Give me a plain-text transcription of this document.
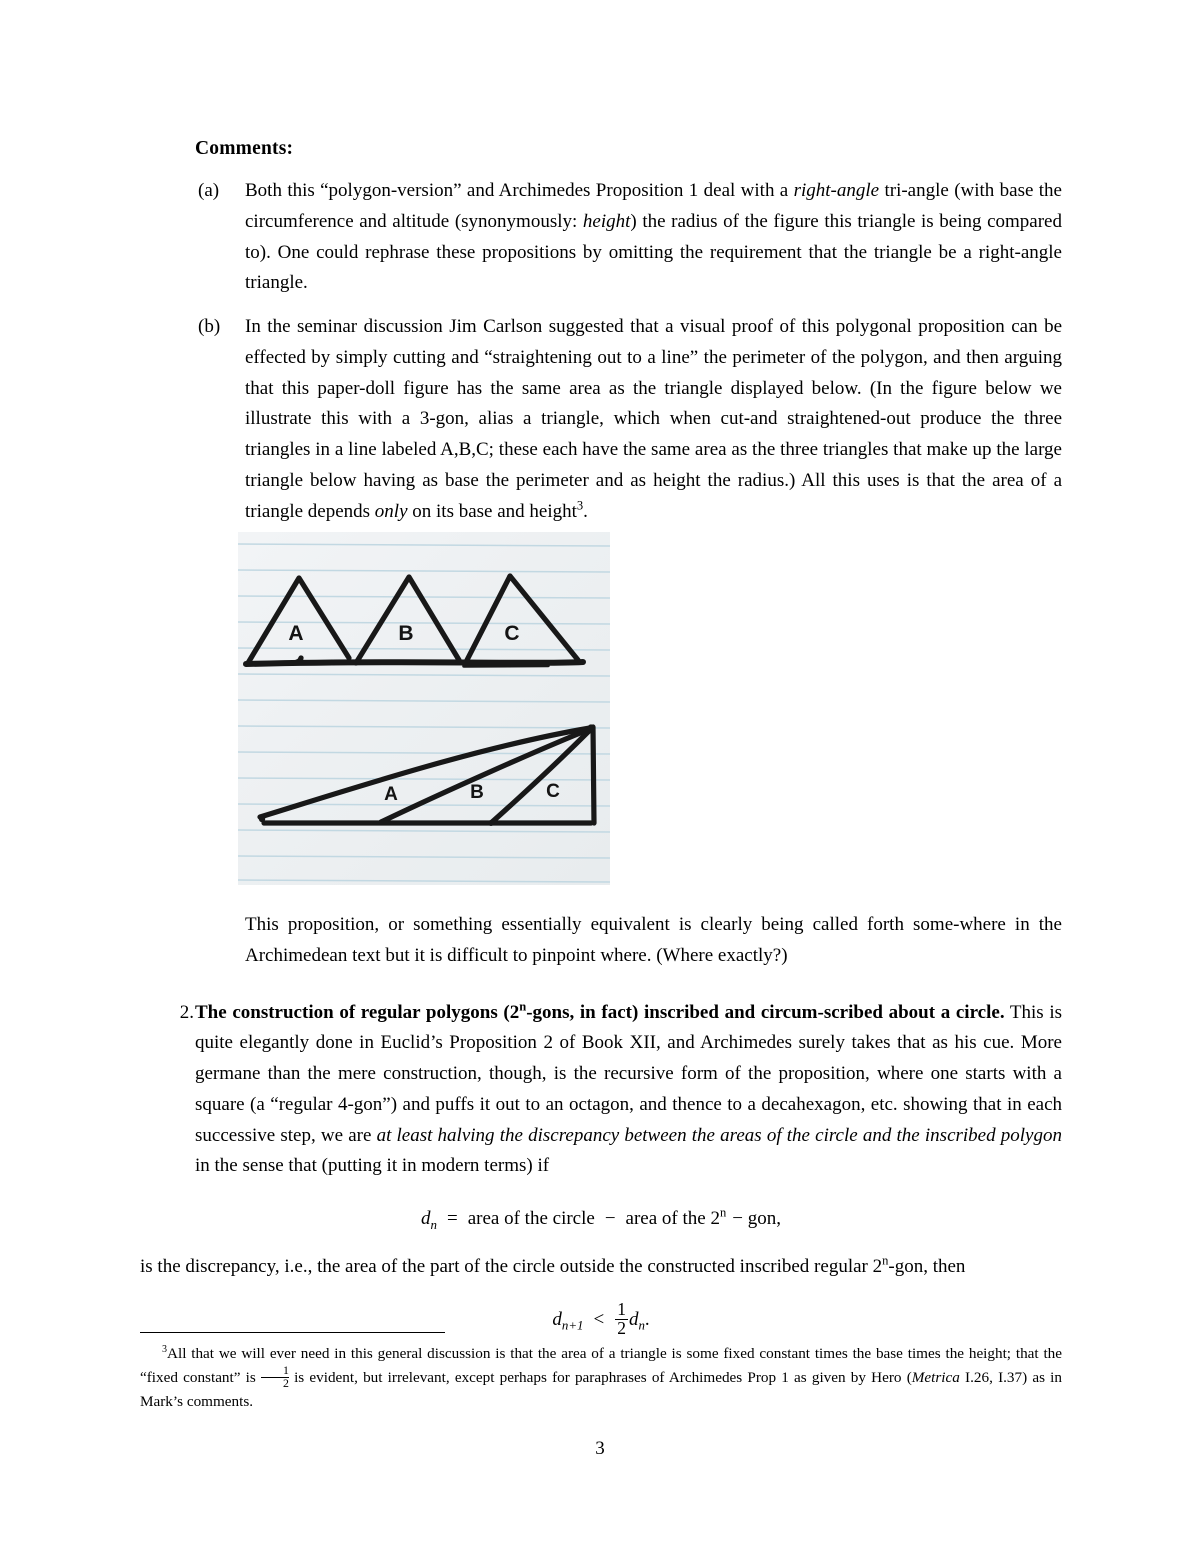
Comments:
(a)	Both this “polygon-version” and Archimedes Proposition 1 deal with a right-angle tri-angle (with base the circumference and altitude (synonymously: height) the radius of the figure this triangle is being compared to). One could rephrase these propositions by omitting the requirement that the triangle be a right-angle triangle.
(b)	In the seminar discussion Jim Carlson suggested that a visual proof of this polygonal proposition can be effected by simply cutting and “straightening out to a line” the perimeter of the polygon, and then arguing that this paper-doll figure has the same area as the triangle displayed below. (In the figure below we illustrate this with a 3-gon, alias a triangle, which when cut-and straightened-out produce the three triangles in a line labeled A,B,C; these each have the same area as the three triangles that make up the large triangle below having as base the perimeter and as height the radius.) All this uses is that the area of a triangle depends only on its base and height$^3$.
A	B	C
A	B	C
This proposition, or something essentially equivalent is clearly being called forth some-where in the Archimedean text but it is difficult to pinpoint where. (Where exactly?)
2. The construction of regular polygons (2$^n$-gons, in fact) inscribed and circum-scribed about a circle. This is quite elegantly done in Euclid’s Proposition 2 of Book XII, and Archimedes surely takes that as his cue. More germane than the mere construction, though, is the recursive form of the proposition, where one starts with a square (a “regular 4-gon”) and puffs it out to an octagon, and thence to a decahexagon, etc. showing that in each successive step, we are at least halving the discrepancy between the areas of the circle and the inscribed polygon in the sense that (putting it in modern terms) if
$d_n$ = area of the circle − area of the $2^n$ − gon,
is the discrepancy, i.e., the area of the part of the circle outside the constructed inscribed regular 2$^n$-gon, then
$d_{n+1} < \frac{1}{2} d_n$.
$^3$All that we will ever need in this general discussion is that the area of a triangle is some fixed constant times the base times the height; that the “fixed constant” is $\frac{1}{2}$ is evident, but irrelevant, except perhaps for paraphrases of Archimedes Prop 1 as given by Hero (Metrica I.26, I.37) as in Mark’s comments.
3
